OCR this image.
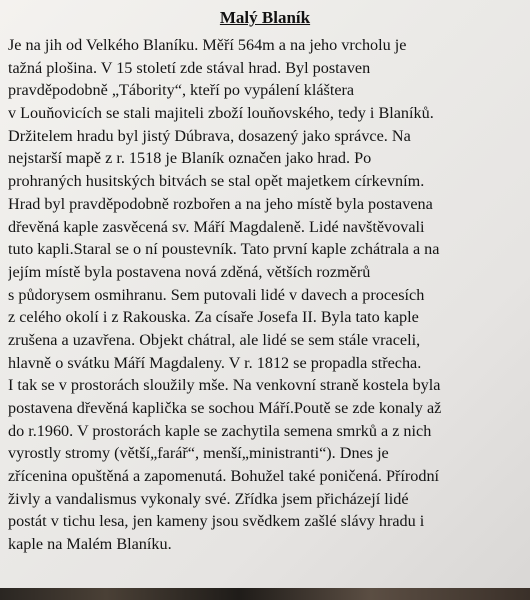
Malý Blaník
Je na jih od Velkého Blaníku. Měří 564m a na jeho vrcholu je
tažná plošina. V 15 století zde stával hrad. Byl postaven
pravděpodobně „Tábority“, kteří po vypálení kláštera
v Louňovicích se stali majiteli zboží louňovského, tedy i Blaníků.
Držitelem hradu byl jistý Dúbrava, dosazený jako správce. Na
nejstarší mapě z r. 1518 je Blaník označen jako hrad. Po
prohraných husitských bitvách se stal opět majetkem církevním.
Hrad byl pravděpodobně rozbořen a na jeho místě byla postavena
dřevěná kaple zasvěcená sv. Máří Magdaleně. Lidé navštěvovali
tuto kapli.Staral se o ní poustevník. Tato první kaple zchátrala a na
jejím místě byla postavena nová zděná, větších rozměrů
s půdorysem osmihranu. Sem putovali lidé v davech a procesích
z celého okolí i z Rakouska. Za císaře Josefa II. Byla tato kaple
zrušena a uzavřena. Objekt chátral, ale lidé se sem stále vraceli,
hlavně o svátku Máří Magdaleny. V r. 1812 se propadla střecha.
I tak se v prostorách sloužily mše. Na venkovní straně kostela byla
postavena dřevěná kaplička se sochou Máří.Poutě se zde konaly až
do r.1960. V prostorách kaple se zachytila semena smrků a z nich
vyrostly stromy (větší„farář“, menší„ministranti“). Dnes je
zřícenina opuštěná a zapomenutá. Bohužel také poničená. Přírodní
živly a vandalismus vykonaly své. Zřídka jsem přicházejí lidé
postát v tichu lesa, jen kameny jsou svědkem zašlé slávy hradu i
kaple na Malém Blaníku.
